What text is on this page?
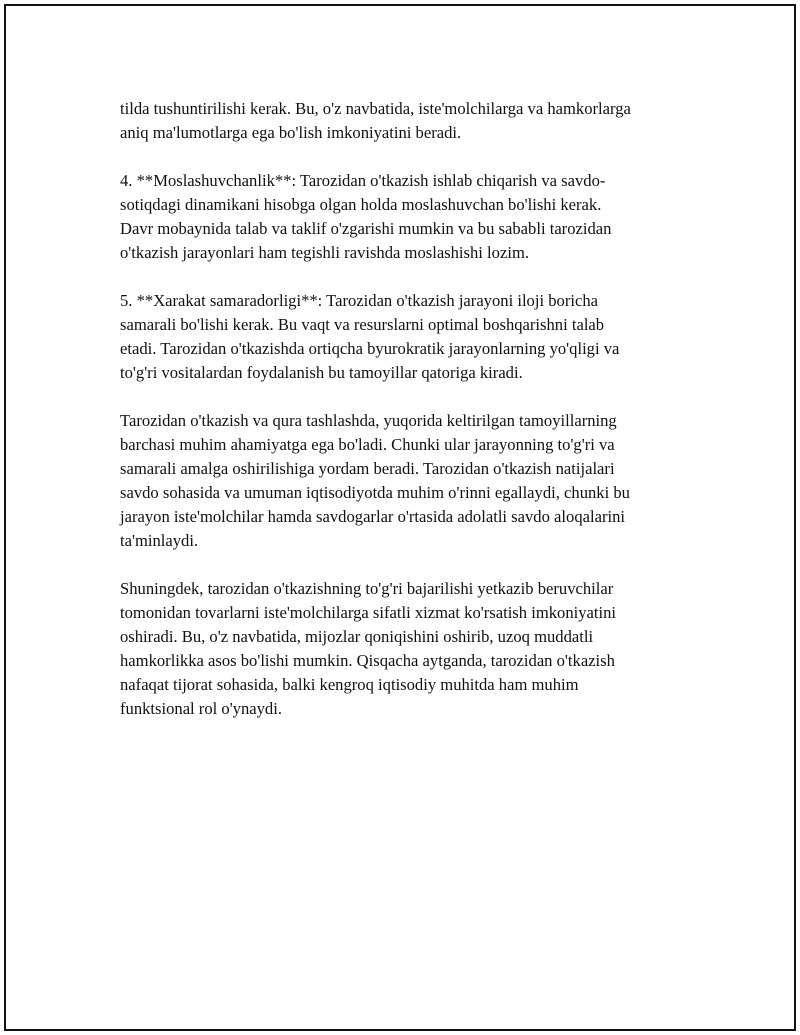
tilda tushuntirilishi kerak. Bu, o'z navbatida, iste'molchilarga va hamkorlarga
aniq ma'lumotlarga ega bo'lish imkoniyatini beradi.

4. **Moslashuvchanlik**: Tarozidan o'tkazish ishlab chiqarish va savdo-
sotiqdagi dinamikani hisobga olgan holda moslashuvchan bo'lishi kerak.
Davr mobaynida talab va taklif o'zgarishi mumkin va bu sababli tarozidan
o'tkazish jarayonlari ham tegishli ravishda moslashishi lozim.

5. **Xarakat samaradorligi**: Tarozidan o'tkazish jarayoni iloji boricha
samarali bo'lishi kerak. Bu vaqt va resurslarni optimal boshqarishni talab
etadi. Tarozidan o'tkazishda ortiqcha byurokratik jarayonlarning yo'qligi va
to'g'ri vositalardan foydalanish bu tamoyillar qatoriga kiradi.

Tarozidan o'tkazish va qura tashlashda, yuqorida keltirilgan tamoyillarning
barchasi muhim ahamiyatga ega bo'ladi. Chunki ular jarayonning to'g'ri va
samarali amalga oshirilishiga yordam beradi. Tarozidan o'tkazish natijalari
savdo sohasida va umuman iqtisodiyotda muhim o'rinni egallaydi, chunki bu
jarayon iste'molchilar hamda savdogarlar o'rtasida adolatli savdo aloqalarini
ta'minlaydi.

Shuningdek, tarozidan o'tkazishning to'g'ri bajarilishi yetkazib beruvchilar
tomonidan tovarlarni iste'molchilarga sifatli xizmat ko'rsatish imkoniyatini
oshiradi. Bu, o'z navbatida, mijozlar qoniqishini oshirib, uzoq muddatli
hamkorlikka asos bo'lishi mumkin. Qisqacha aytganda, tarozidan o'tkazish
nafaqat tijorat sohasida, balki kengroq iqtisodiy muhitda ham muhim
funktsional rol o'ynaydi.
